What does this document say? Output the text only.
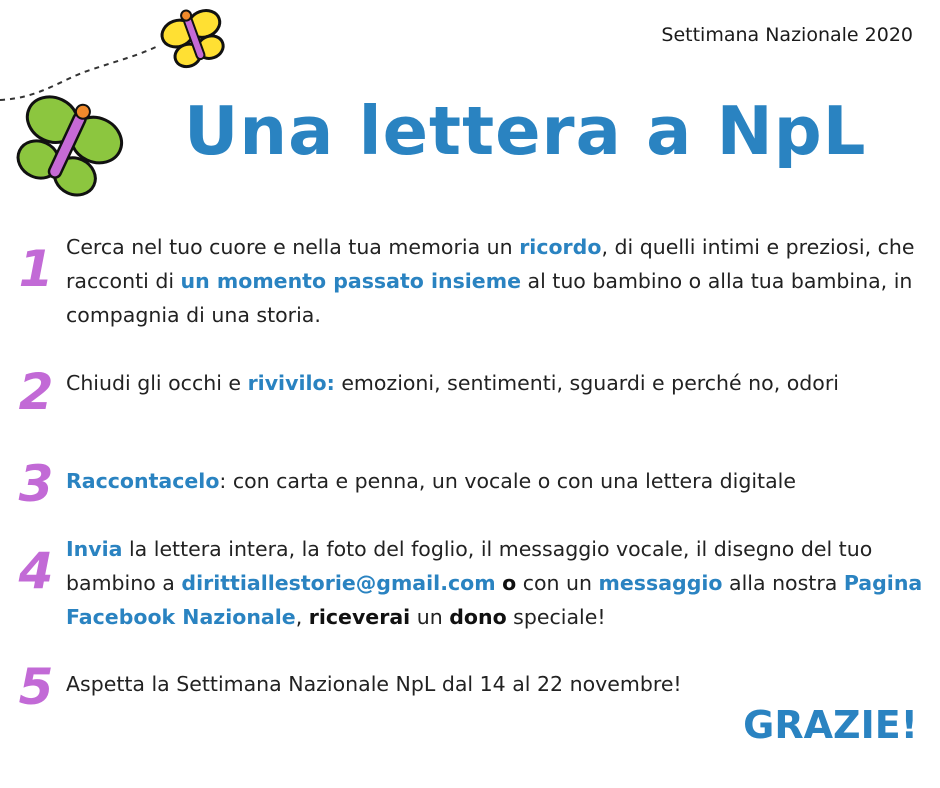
Settimana Nazionale 2020
Una lettera a NpL
1 Cerca nel tuo cuore e nella tua memoria un ricordo, di quelli intimi e preziosi, che racconti di un momento passato insieme al tuo bambino o alla tua bambina, in compagnia di una storia.
2 Chiudi gli occhi e rivivilo: emozioni, sentimenti, sguardi e perché no, odori
3 Raccontacelo: con carta e penna, un vocale o con una lettera digitale
4 Invia la lettera intera, la foto del foglio, il messaggio vocale, il disegno del tuo bambino a dirittiallestorie@gmail.com o con un messaggio alla nostra Pagina Facebook Nazionale, riceverai un dono speciale!
5 Aspetta la Settimana Nazionale NpL dal 14 al 22 novembre!
GRAZIE!
